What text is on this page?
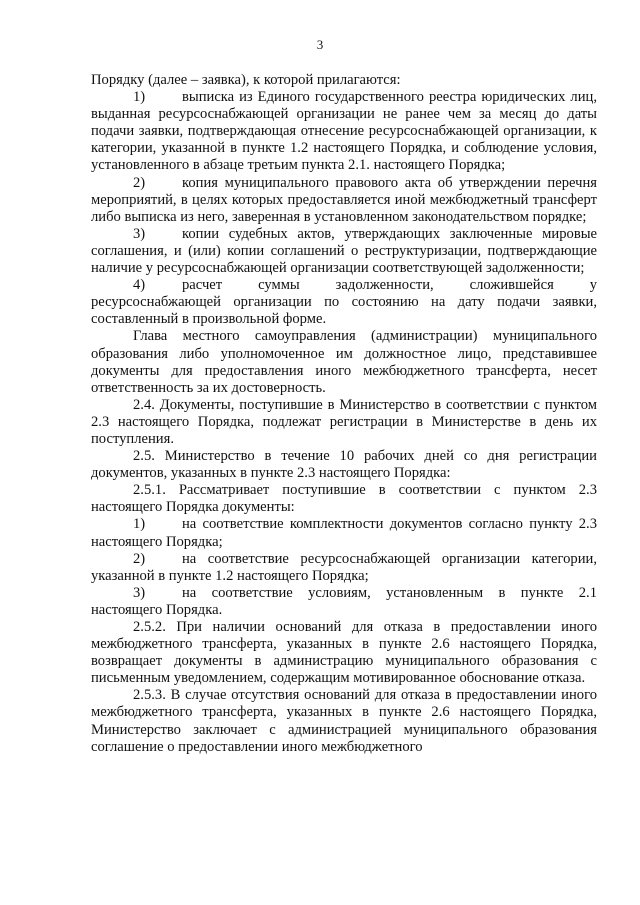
3

Порядку (далее – заявка), к которой прилагаются:

1)	выписка из Единого государственного реестра юридических лиц, выданная ресурсоснабжающей организации не ранее чем за месяц до даты подачи заявки, подтверждающая отнесение ресурсоснабжающей организации, к категории, указанной в пункте 1.2 настоящего Порядка, и соблюдение условия, установленного в абзаце третьим пункта 2.1. настоящего Порядка;

2)	копия муниципального правового акта об утверждении перечня мероприятий, в целях которых предоставляется иной межбюджетный трансферт либо выписка из него, заверенная в установленном законодательством порядке;

3)	копии судебных актов, утверждающих заключенные мировые соглашения, и (или) копии соглашений о реструктуризации, подтверждающие наличие у ресурсоснабжающей организации соответствующей задолженности;

4)	расчет суммы задолженности, сложившейся у ресурсоснабжающей организации по состоянию на дату подачи заявки, составленный в произвольной форме.

Глава местного самоуправления (администрации) муниципального образования либо уполномоченное им должностное лицо, представившее документы для предоставления иного межбюджетного трансферта, несет ответственность за их достоверность.

2.4. Документы, поступившие в Министерство в соответствии с пунктом 2.3 настоящего Порядка, подлежат регистрации в Министерстве в день их поступления.

2.5. Министерство в течение 10 рабочих дней со дня регистрации документов, указанных в пункте 2.3 настоящего Порядка:

2.5.1. Рассматривает поступившие в соответствии с пунктом 2.3 настоящего Порядка документы:

1)	на соответствие комплектности документов согласно пункту 2.3 настоящего Порядка;

2)	на соответствие ресурсоснабжающей организации категории, указанной в пункте 1.2 настоящего Порядка;

3)	на соответствие условиям, установленным в пункте 2.1 настоящего Порядка.

2.5.2. При наличии оснований для отказа в предоставлении иного межбюджетного трансферта, указанных в пункте 2.6 настоящего Порядка, возвращает документы в администрацию муниципального образования с письменным уведомлением, содержащим мотивированное обоснование отказа.

2.5.3. В случае отсутствия оснований для отказа в предоставлении иного межбюджетного трансферта, указанных в пункте 2.6 настоящего Порядка, Министерство заключает с администрацией муниципального образования соглашение о предоставлении иного межбюджетного
